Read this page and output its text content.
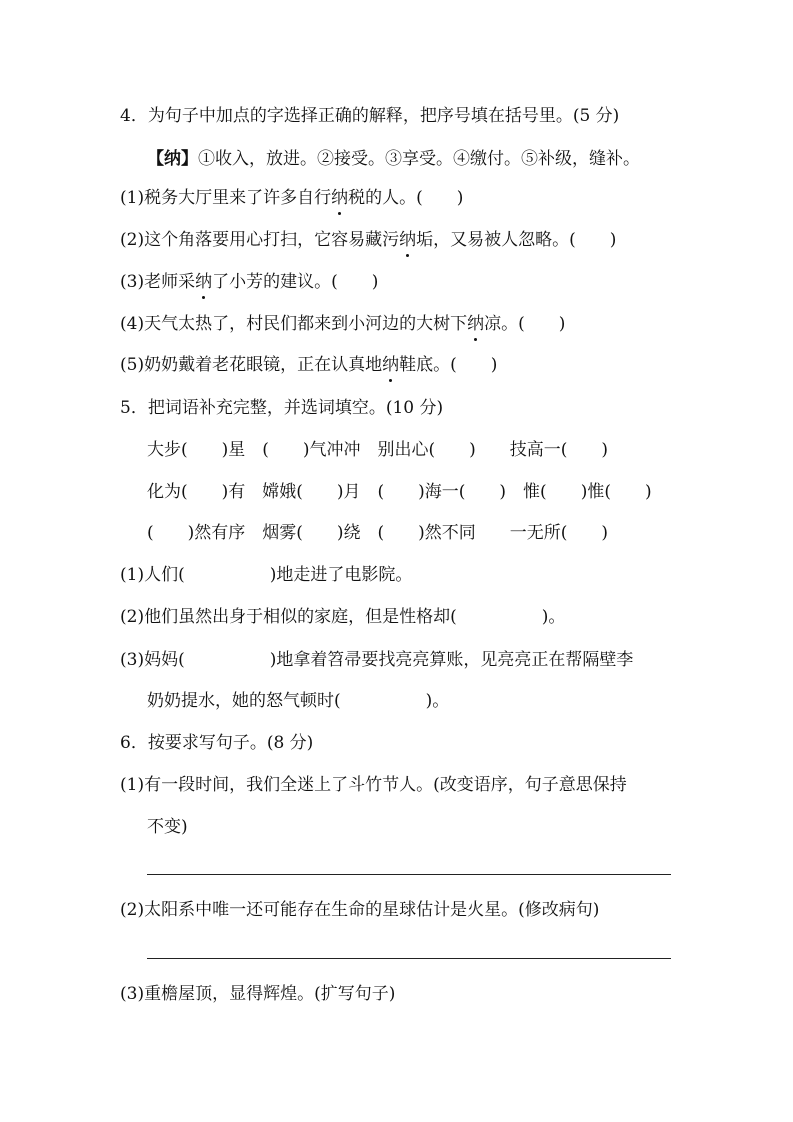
4．为句子中加点的字选择正确的解释，把序号填在括号里。(5 分)
【纳】①收入，放进。②接受。③享受。④缴付。⑤补级，缝补。
(1)税务大厅里来了许多自行纳税的人。(　　)
(2)这个角落要用心打扫，它容易藏污纳垢，又易被人忽略。(　　)
(3)老师采纳了小芳的建议。(　　)
(4)天气太热了，村民们都来到小河边的大树下纳凉。(　　)
(5)奶奶戴着老花眼镜，正在认真地纳鞋底。(　　)
5．把词语补充完整，并选词填空。(10 分)
大步(　　)星　(　　)气冲冲　别出心(　　)　　技高一(　　)
化为(　　)有　嫦娥(　　)月　(　　)海一(　　)　惟(　　)惟(　　)
(　　)然有序　烟雾(　　)绕　(　　)然不同　　一无所(　　)
(1)人们(　　　　　)地走进了电影院。
(2)他们虽然出身于相似的家庭，但是性格却(　　　　　)。
(3)妈妈(　　　　　)地拿着笤帚要找亮亮算账，见亮亮正在帮隔壁李
奶奶提水，她的怒气顿时(　　　　　)。
6．按要求写句子。(8 分)
(1)有一段时间，我们全迷上了斗竹节人。(改变语序，句子意思保持
不变)
(2)太阳系中唯一还可能存在生命的星球估计是火星。(修改病句)
(3)重檐屋顶，显得辉煌。(扩写句子)
